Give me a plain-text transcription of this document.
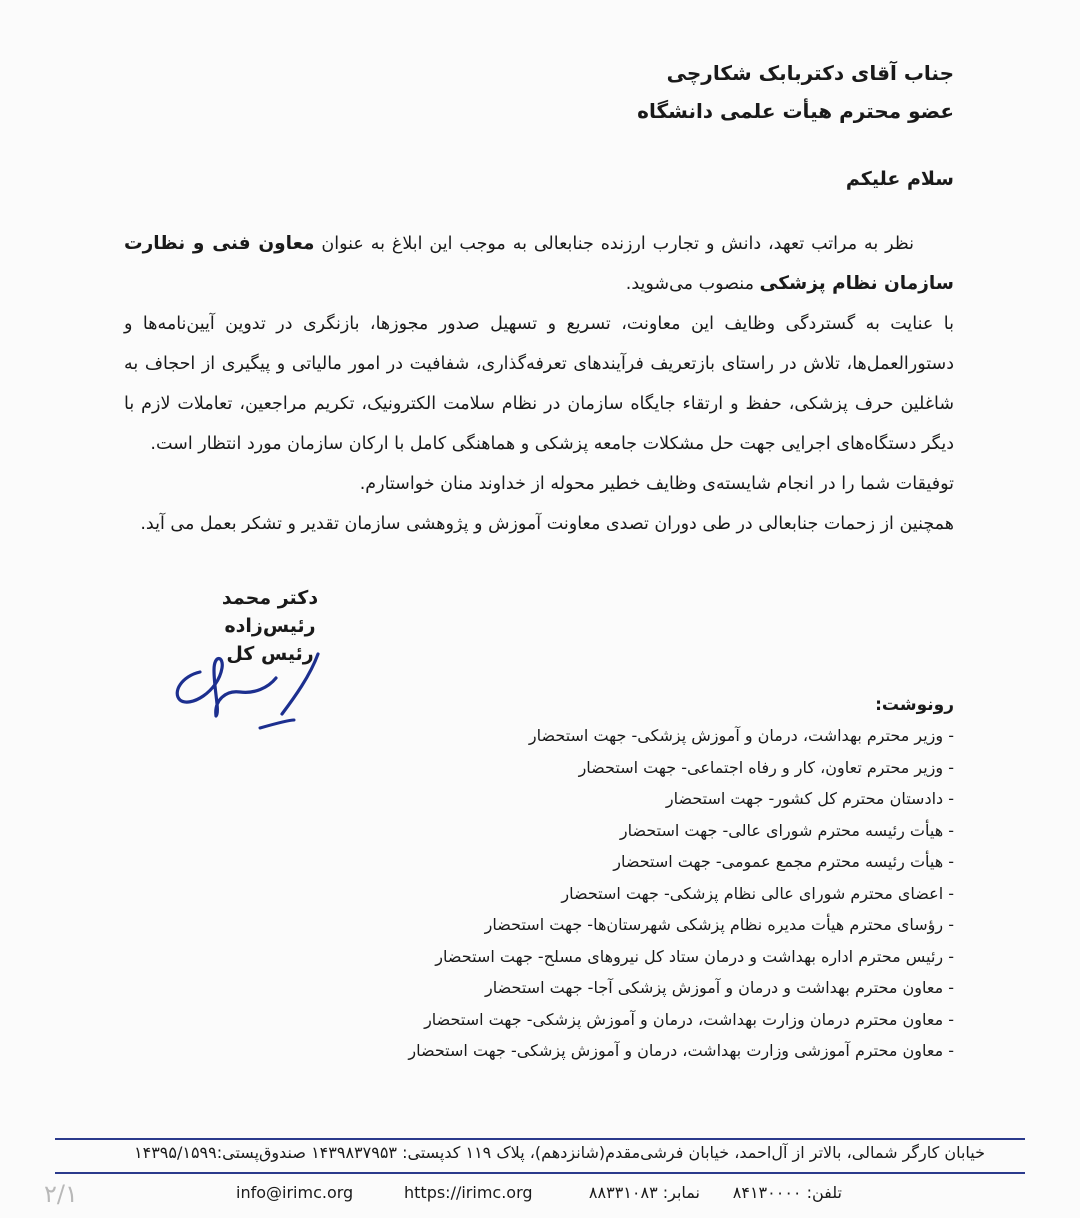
جناب آقای دکتربابک شکارچی
عضو محترم هیأت علمی دانشگاه
سلام علیکم

نظر به مراتب تعهد، دانش و تجارب ارزنده جنابعالی به موجب این ابلاغ به عنوان معاون فنی و نظارت سازمان نظام پزشکی منصوب می‌شوید.

با عنایت به گستردگی وظایف این معاونت، تسریع و تسهیل صدور مجوزها، بازنگری در تدوین آیین‌نامه‌ها و دستورالعمل‌ها، تلاش در راستای بازتعریف فرآیندهای تعرفه‌گذاری، شفافیت در امور مالیاتی و پیگیری از احجاف به شاغلین حرف پزشکی، حفظ و ارتقاء جایگاه سازمان در نظام سلامت الکترونیک، تکریم مراجعین، تعاملات لازم با دیگر دستگاه‌های اجرایی جهت حل مشکلات جامعه پزشکی و هماهنگی کامل با ارکان سازمان مورد انتظار است.

توفیقات شما را در انجام شایسته‌ی وظایف خطیر محوله از خداوند منان خواستارم.

همچنین از زحمات جنابعالی در طی دوران تصدی معاونت آموزش و پژوهشی سازمان تقدیر و تشکر بعمل می آید.

دکتر محمد رئیس‌زاده
رئیس کل
رونوشت:
- وزیر محترم بهداشت، درمان و آموزش پزشکی- جهت استحضار
- وزیر محترم تعاون، کار و رفاه اجتماعی- جهت استحضار
- دادستان محترم کل کشور- جهت استحضار
- هیأت رئیسه محترم شورای عالی- جهت استحضار
- هیأت رئیسه محترم مجمع عمومی- جهت استحضار
- اعضای محترم شورای عالی نظام پزشکی- جهت استحضار
- رؤسای محترم هیأت مدیره نظام پزشکی شهرستان‌ها- جهت استحضار
- رئیس محترم اداره بهداشت و درمان ستاد کل نیروهای مسلح- جهت استحضار
- معاون محترم بهداشت و درمان و آموزش پزشکی آجا- جهت استحضار
- معاون محترم درمان وزارت بهداشت، درمان و آموزش پزشکی- جهت استحضار
- معاون محترم آموزشی وزارت بهداشت، درمان و آموزش پزشکی- جهت استحضار
خیابان کارگر شمالی، بالاتر از آل‌احمد، خیابان فرشی‌مقدم(شانزدهم)، پلاک ۱۱۹ کدپستی: ۱۴۳۹۸۳۷۹۵۳ صندوق‌پستی:۱۴۳۹۵/۱۵۹۹
تلفن: ۸۴۱۳۰۰۰۰
نمابر: ۸۸۳۳۱۰۸۳
https://irimc.org
info@irimc.org
۲/۱
